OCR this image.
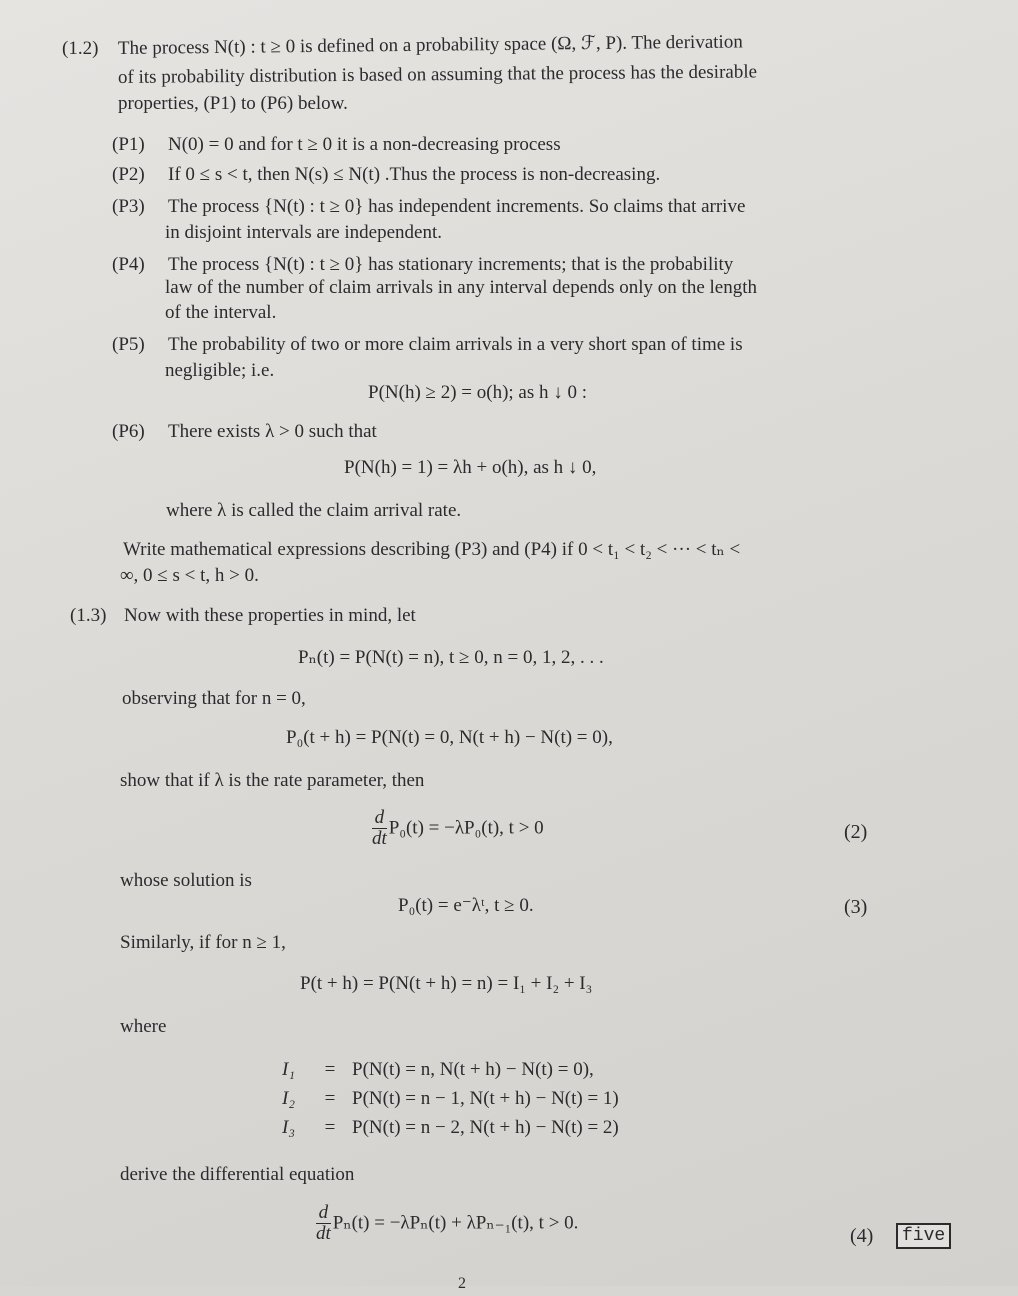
(1.2) The process N(t) : t ≥ 0 is defined on a probability space (Ω, ℱ, P). The derivation
of its probability distribution is based on assuming that the process has the desirable
properties, (P1) to (P6) below.
(P1) N(0) = 0 and for t ≥ 0 it is a non-decreasing process
(P2) If 0 ≤ s < t, then N(s) ≤ N(t) .Thus the process is non-decreasing.
(P3) The process {N(t) : t ≥ 0} has independent increments. So claims that arrive
in disjoint intervals are independent.
(P4) The process {N(t) : t ≥ 0} has stationary increments; that is the probability
law of the number of claim arrivals in any interval depends only on the length
of the interval.
(P5) The probability of two or more claim arrivals in a very short span of time is
negligible; i.e.
P(N(h) ≥ 2) = o(h); as h ↓ 0 :
(P6) There exists λ > 0 such that
P(N(h) = 1) = λh + o(h), as h ↓ 0,
where λ is called the claim arrival rate.
Write mathematical expressions describing (P3) and (P4) if 0 < t₁ < t₂ < ··· < tₙ <
∞, 0 ≤ s < t, h > 0.
(1.3) Now with these properties in mind, let
Pₙ(t) = P(N(t) = n), t ≥ 0, n = 0, 1, 2, . . .
observing that for n = 0,
P₀(t + h) = P(N(t) = 0, N(t + h) − N(t) = 0),
show that if λ is the rate parameter, then
$\frac{d}{dt} P_0(t) = -\lambda P_0(t)$, t > 0	(2)
whose solution is
P₀(t) = e⁻λᵗ, t ≥ 0.	(3)
Similarly, if for n ≥ 1,
P(t + h) = P(N(t + h) = n) = I₁ + I₂ + I₃
where
I₁ = P(N(t) = n, N(t + h) − N(t) = 0),
I₂ = P(N(t) = n − 1, N(t + h) − N(t) = 1)
I₃ = P(N(t) = n − 2, N(t + h) − N(t) = 2)
derive the differential equation
$\frac{d}{dt} P_n(t) = -\lambda P_n(t) + \lambda P_{n-1}(t)$, t > 0.
(4)	five
2
